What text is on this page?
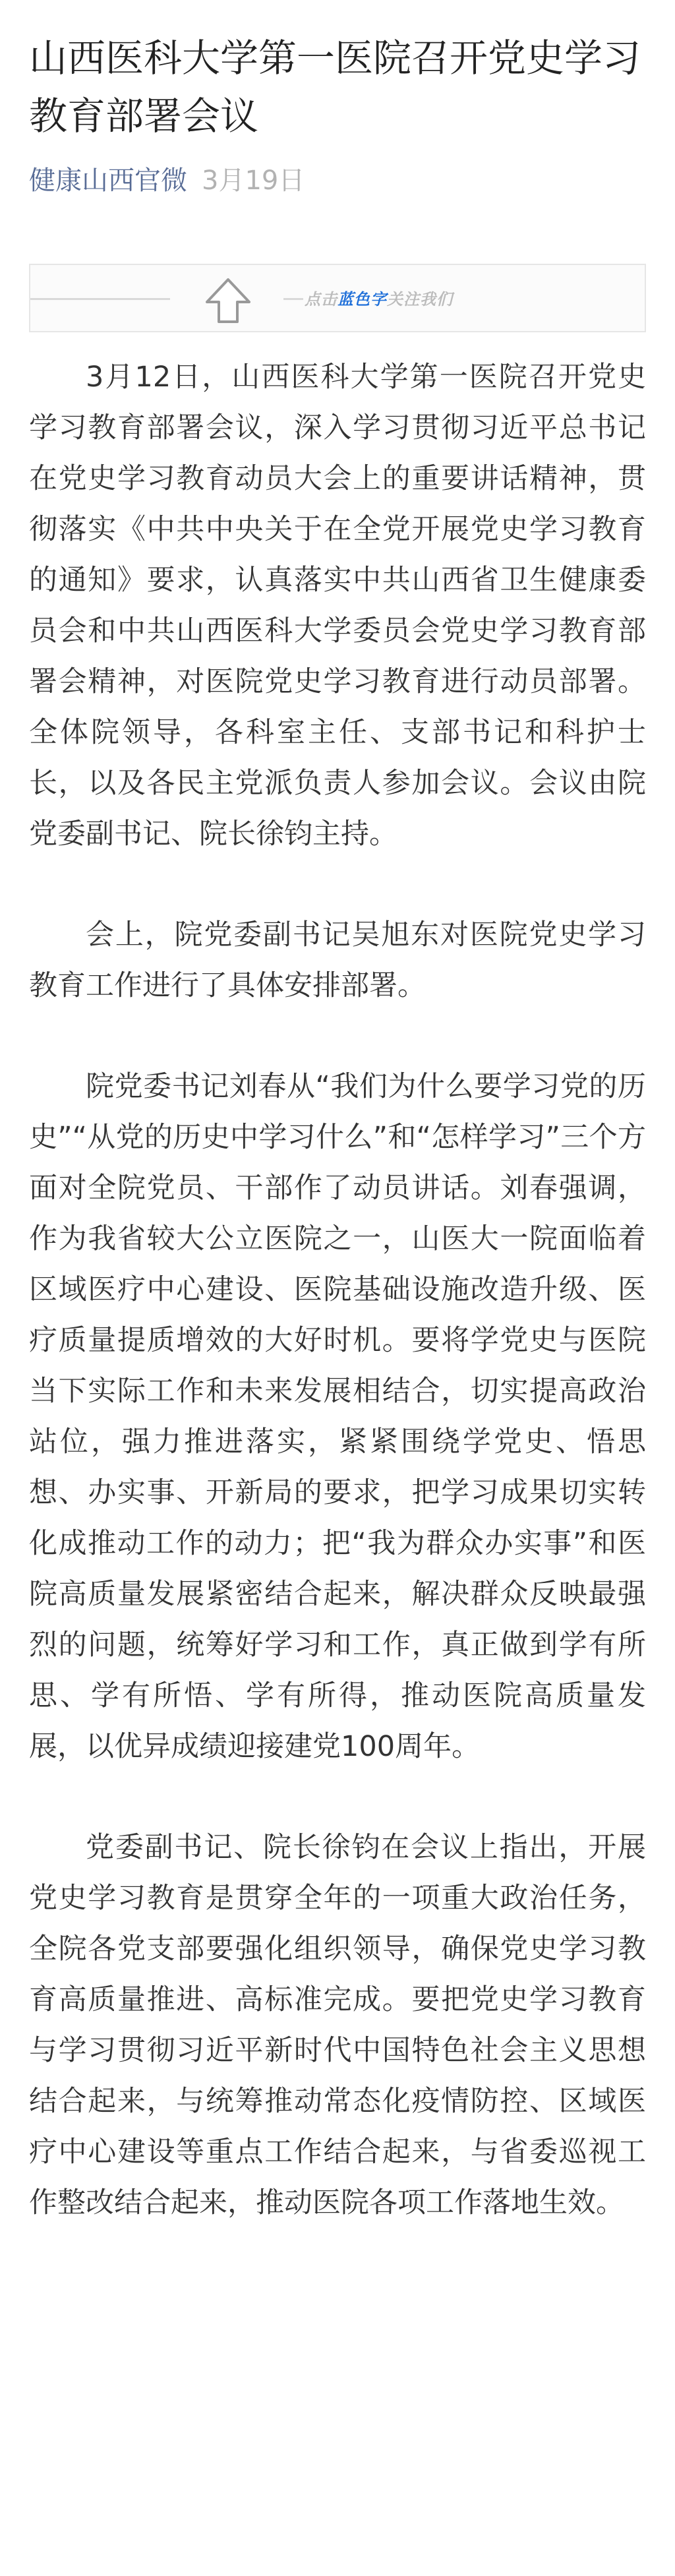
山西医科大学第一医院召开党史学习教育部署会议
健康山西官微 3月19日
点击蓝色字关注我们

3月12日，山西医科大学第一医院召开党史学习教育部署会议，深入学习贯彻习近平总书记在党史学习教育动员大会上的重要讲话精神，贯彻落实《中共中央关于在全党开展党史学习教育的通知》要求，认真落实中共山西省卫生健康委员会和中共山西医科大学委员会党史学习教育部署会精神，对医院党史学习教育进行动员部署。全体院领导，各科室主任、支部书记和科护士长，以及各民主党派负责人参加会议。会议由院党委副书记、院长徐钧主持。

会上，院党委副书记吴旭东对医院党史学习教育工作进行了具体安排部署。

院党委书记刘春从“我们为什么要学习党的历史”“从党的历史中学习什么”和“怎样学习”三个方面对全院党员、干部作了动员讲话。刘春强调，作为我省较大公立医院之一，山医大一院面临着区域医疗中心建设、医院基础设施改造升级、医疗质量提质增效的大好时机。要将学党史与医院当下实际工作和未来发展相结合，切实提高政治站位，强力推进落实，紧紧围绕学党史、悟思想、办实事、开新局的要求，把学习成果切实转化成推动工作的动力；把“我为群众办实事”和医院高质量发展紧密结合起来，解决群众反映最强烈的问题，统筹好学习和工作，真正做到学有所思、学有所悟、学有所得，推动医院高质量发展，以优异成绩迎接建党100周年。

党委副书记、院长徐钧在会议上指出，开展党史学习教育是贯穿全年的一项重大政治任务，全院各党支部要强化组织领导，确保党史学习教育高质量推进、高标准完成。要把党史学习教育与学习贯彻习近平新时代中国特色社会主义思想结合起来，与统筹推动常态化疫情防控、区域医疗中心建设等重点工作结合起来，与省委巡视工作整改结合起来，推动医院各项工作落地生效。
